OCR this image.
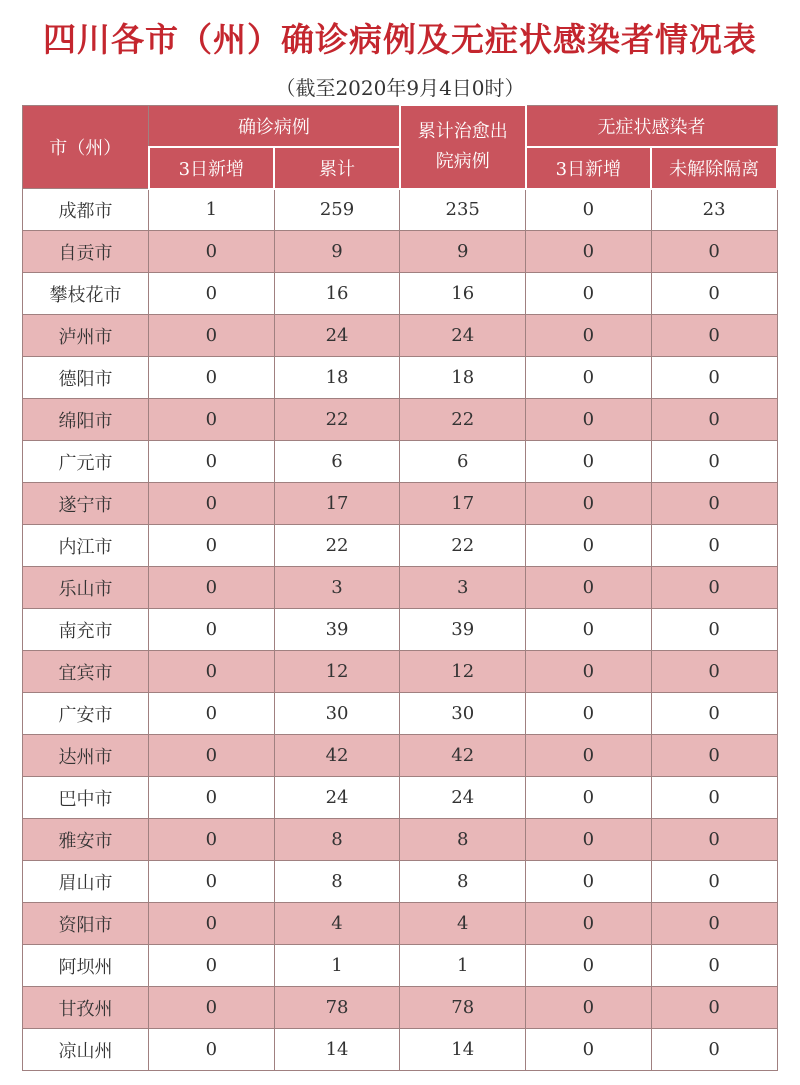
四川各市（州）确诊病例及无症状感染者情况表
（截至2020年9月4日0时）
市（州）	确诊病例		累计治愈出院病例	无症状感染者	
	3日新增	累计		3日新增	未解除隔离
成都市	1	259	235	0	23
自贡市	0	9	9	0	0
攀枝花市	0	16	16	0	0
泸州市	0	24	24	0	0
德阳市	0	18	18	0	0
绵阳市	0	22	22	0	0
广元市	0	6	6	0	0
遂宁市	0	17	17	0	0
内江市	0	22	22	0	0
乐山市	0	3	3	0	0
南充市	0	39	39	0	0
宜宾市	0	12	12	0	0
广安市	0	30	30	0	0
达州市	0	42	42	0	0
巴中市	0	24	24	0	0
雅安市	0	8	8	0	0
眉山市	0	8	8	0	0
资阳市	0	4	4	0	0
阿坝州	0	1	1	0	0
甘孜州	0	78	78	0	0
凉山州	0	14	14	0	0
